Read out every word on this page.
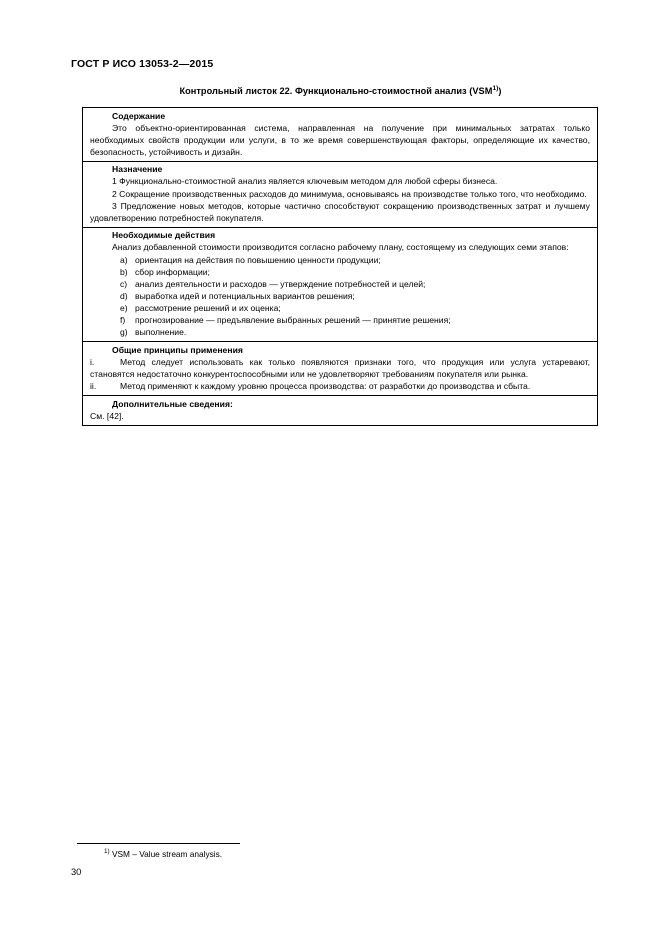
ГОСТ Р ИСО 13053-2—2015
Контрольный листок 22. Функционально-стоимостной анализ (VSM$^{1)}$)
Содержание

Это объектно-ориентированная система, направленная на получение при минимальных затратах только необходимых свойств продукции или услуги, в то же время совершенствующая факторы, определяющие их качество, безопасность, устойчивость и дизайн.

Назначение

1 Функционально-стоимостной анализ является ключевым методом для любой сферы бизнеса.

2 Сокращение производственных расходов до минимума, основываясь на производстве только того, что необходимо.

3 Предложение новых методов, которые частично способствуют сокращению производственных затрат и лучшему удовлетворению потребностей покупателя.

Необходимые действия

Анализ добавленной стоимости производится согласно рабочему плану, состоящему из следующих семи этапов:

a) ориентация на действия по повышению ценности продукции;
b) сбор информации;
c) анализ деятельности и расходов — утверждение потребностей и целей;
d) выработка идей и потенциальных вариантов решения;
e) рассмотрение решений и их оценка;
f)	прогнозирование — предъявление выбранных решений — принятие решения;
g) выполнение.
Общие принципы применения

i.	Метод следует использовать как только появляются признаки того, что продукция или услуга устаревают, становятся недостаточно конкурентоспособными или не удовлетворяют требованиям покупателя или рынка.

ii.	Метод применяют к каждому уровню процесса производства: от разработки до производства и сбыта.

Дополнительные сведения:

См. [42].

$^{1)}$ VSM – Value stream analysis.
30
